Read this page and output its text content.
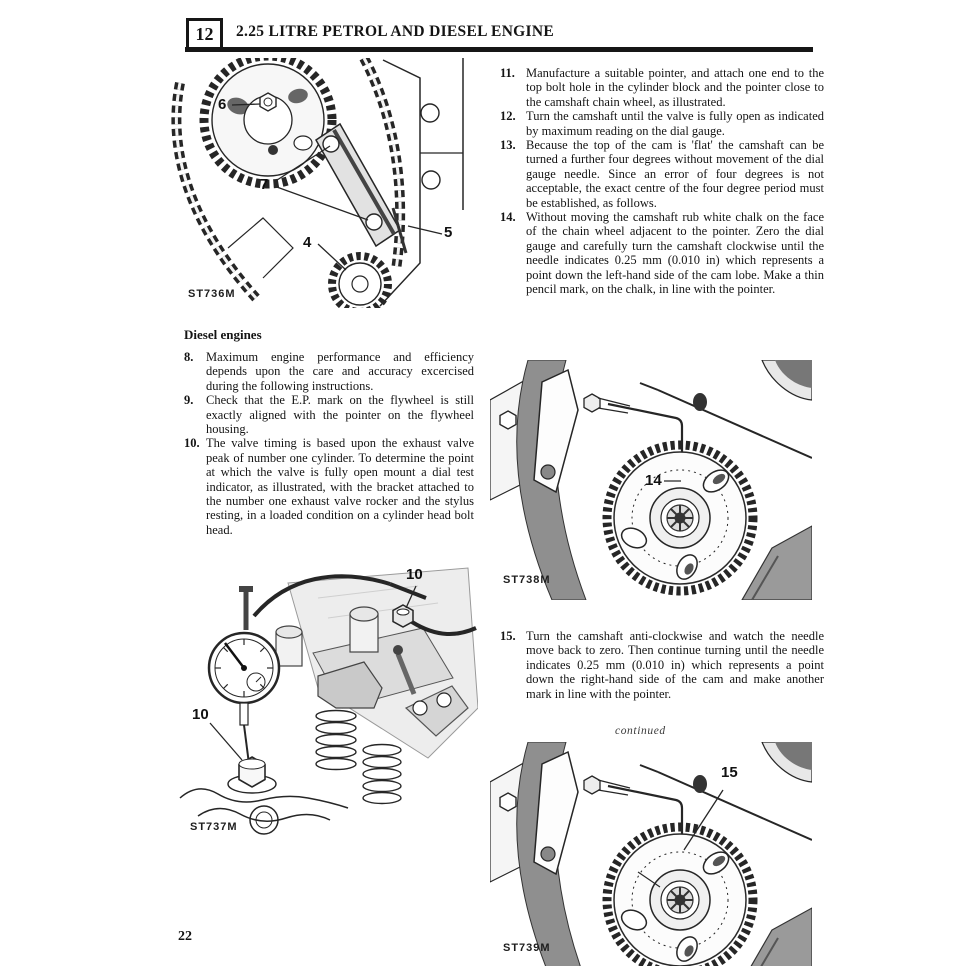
12 2.25 LITRE PETROL AND DIESEL ENGINE
6
7
4
5
ST736M
Diesel engines
8. Maximum engine performance and efficiency depends upon the care and accuracy excercised during the following instructions.
9. Check that the E.P. mark on the flywheel is still exactly aligned with the pointer on the flywheel housing.
10. The valve timing is based upon the exhaust valve peak of number one cylinder. To determine the point at which the valve is fully open mount a dial test indicator, as illustrated, with the bracket attached to the number one exhaust valve rocker and the stylus resting, in a loaded condition on a cylinder head bolt head.
10
10
ST737M
11. Manufacture a suitable pointer, and attach one end to the top bolt hole in the cylinder block and the pointer close to the camshaft chain wheel, as illustrated.
12. Turn the camshaft until the valve is fully open as indicated by maximum reading on the dial gauge.
13. Because the top of the cam is 'flat' the camshaft can be turned a further four degrees without movement of the dial gauge needle. Since an error of four degrees is not acceptable, the exact centre of the four degree period must be established, as follows.
14. Without moving the camshaft rub white chalk on the face of the chain wheel adjacent to the pointer. Zero the dial gauge and carefully turn the camshaft clockwise until the needle indicates 0.25 mm (0.010 in) which represents a point down the left-hand side of the cam lobe. Make a thin pencil mark, on the chalk, in line with the pointer.
14
ST738M
15. Turn the camshaft anti-clockwise and watch the needle move back to zero. Then continue turning until the needle indicates 0.25 mm (0.010 in) which represents a point down the right-hand side of the cam and make another mark in line with the pointer.
continued
15
ST739M
22
